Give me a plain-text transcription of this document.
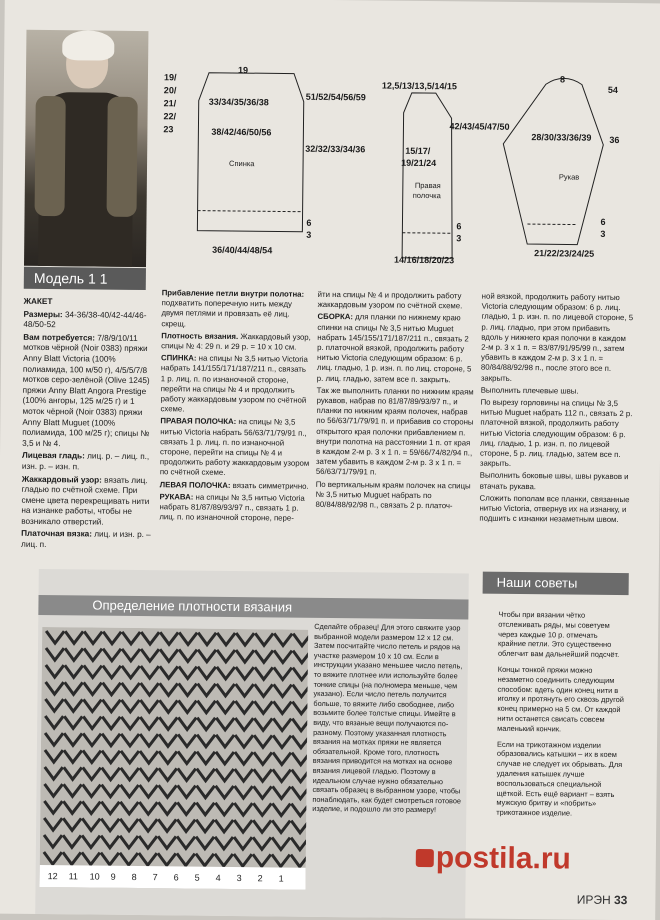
Модель 1 1

ЖАКЕТ

Размеры: 34-36/38-40/42-44/46-48/50-52

Вам потребуется: 7/8/9/10/11 мотков чёрной (Noir 0383) пряжи Anny Blatt Victoria (100% полиамида, 100 м/50 г), 4/5/5/7/8 мотков серо-зелёной (Olive 1245) пряжи Anny Blatt Angora Prestige (100% ангоры, 125 м/25 г) и 1 моток чёрной (Noir 0383) пряжи Anny Blatt Muguet (100% полиамида, 100 м/25 г); спицы № 3,5 и № 4.

Лицевая гладь: лиц. р. – лиц. п., изн. р. – изн. п.

Жаккардовый узор: вязать лиц. гладью по счётной схеме. При смене цвета перекрещивать нити на изнанке работы, чтобы не возникало отверстий.

Платочная вязка: лиц. и изн. р. – лиц. п.

19
33/34/35/36/38
19/
20/
21/
22/
23
51/52/54/56/59
38/42/46/50/56
32/32/33/34/36
Спинка
6
3
36/40/44/48/54
12,5/13/13,5/14/15
42/43/45/47/50
15/17/
19/21/24
Правая
полочка
6
3
14/16/18/20/23
8
54
28/30/33/36/39 36
Рукав
6
3
21/22/23/24/25

Прибавление петли внутри полотна: подхватить поперечную нить между двумя петлями и провязать её лиц. скрещ.

Плотность вязания. Жаккардовый узор, спицы № 4: 29 п. и 29 р. = 10 х 10 см.

СПИНКА: на спицы № 3,5 нитью Victoria набрать 141/155/171/187/211 п., связать 1 р. лиц. п. по изнаночной стороне, перейти на спицы № 4 и продолжить работу жаккардовым узором по счётной схеме.

ПРАВАЯ ПОЛОЧКА: на спицы № 3,5 нитью Victoria набрать 56/63/71/79/91 п., связать 1 р. лиц. п. по изнаночной стороне, перейти на спицы № 4 и продолжить работу жаккардовым узором по счётной схеме.

ЛЕВАЯ ПОЛОЧКА: вязать симметрично.

РУКАВА: на спицы № 3,5 нитью Victoria набрать 81/87/89/93/97 п., связать 1 р. лиц. п. по изнаночной стороне, пере-

йти на спицы № 4 и продолжить работу жаккардовым узором по счётной схеме.

СБОРКА: для планки по нижнему краю спинки на спицы № 3,5 нитью Muguet набрать 145/155/171/187/211 п., связать 2 р. платочной вязкой, продолжить работу нитью Victoria следующим образом: 6 р. лиц. гладью, 1 р. изн. п. по лиц. стороне, 5 р. лиц. гладью, затем все п. закрыть.

Так же выполнить планки по нижним краям рукавов, набрав по 81/87/89/93/97 п., и планки по нижним краям полочек, набрав по 56/63/71/79/91 п. и прибавив со стороны открытого края полочки прибавлением п. внутри полотна на расстоянии 1 п. от края в каждом 2-м р. 3 х 1 п. = 59/66/74/82/94 п., затем убавить в каждом 2-м р. 3 х 1 п. = 56/63/71/79/91 п.

По вертикальным краям полочек на спицы № 3,5 нитью Muguet набрать по 80/84/88/92/98 п., связать 2 р. платоч-

ной вязкой, продолжить работу нитью Victoria следующим образом: 6 р. лиц. гладью, 1 р. изн. п. по лицевой стороне, 5 р. лиц. гладью, при этом прибавить вдоль у нижнего края полочки в каждом 2-м р. 3 х 1 п. = 83/87/91/95/99 п., затем убавить в каждом 2-м р. 3 х 1 п. = 80/84/88/92/98 п., после этого все п. закрыть.

Выполнить плечевые швы.

По вырезу горловины на спицы № 3,5 нитью Muguet набрать 112 п., связать 2 р. платочной вязкой, продолжить работу нитью Victoria следующим образом: 6 р. лиц. гладью, 1 р. изн. п. по лицевой стороне, 5 р. лиц. гладью, затем все п. закрыть.

Выполнить боковые швы, швы рукавов и втачать рукава.

Сложить пополам все планки, связанные нитью Victoria, отвернув их на изнанку, и подшить с изнанки незаметным швом.

Определение плотности вязания
12 11 10 9 8 7 6 5 4 3 2 1
Сделайте образец! Для этого свяжите узор выбранной модели размером 12 х 12 см. Затем посчитайте число петель и рядов на участке размером 10 х 10 см. Если в инструкции указано меньшее число петель, то вяжите плотнее или используйте более тонкие спицы (на полномера меньше, чем указано). Если число петель получится больше, то вяжите либо свободнее, либо возьмите более толстые спицы. Имейте в виду, что вязаные вещи получаются по-разному. Поэтому указанная плотность вязания на мотках пряжи не является обязательной. Кроме того, плотность вязания приводится на мотках на основе вязания лицевой гладью. Поэтому в идеальном случае нужно обязательно связать образец в выбранном узоре, чтобы понаблюдать, как будет смотреться готовое изделие, и подошло ли это размеру!
Наши советы

Чтобы при вязании чётко отслеживать ряды, мы советуем через каждые 10 р. отмечать крайние петли. Это существенно облегчит вам дальнейший подсчёт.

Концы тонкой пряжи можно незаметно соединить следующим способом: вдеть один конец нити в иголку и протянуть его сквозь другой конец примерно на 5 см. От каждой нити останется свисать совсем маленький кончик.

Если на трикотажном изделии образовались катышки – их в коем случае не следует их обрывать. Для удаления катышек лучше воспользоваться специальной щёткой. Есть ещё вариант – взять мужскую бритву и «побрить» трикотажное изделие.

postila.ru
ИРЭН 33
